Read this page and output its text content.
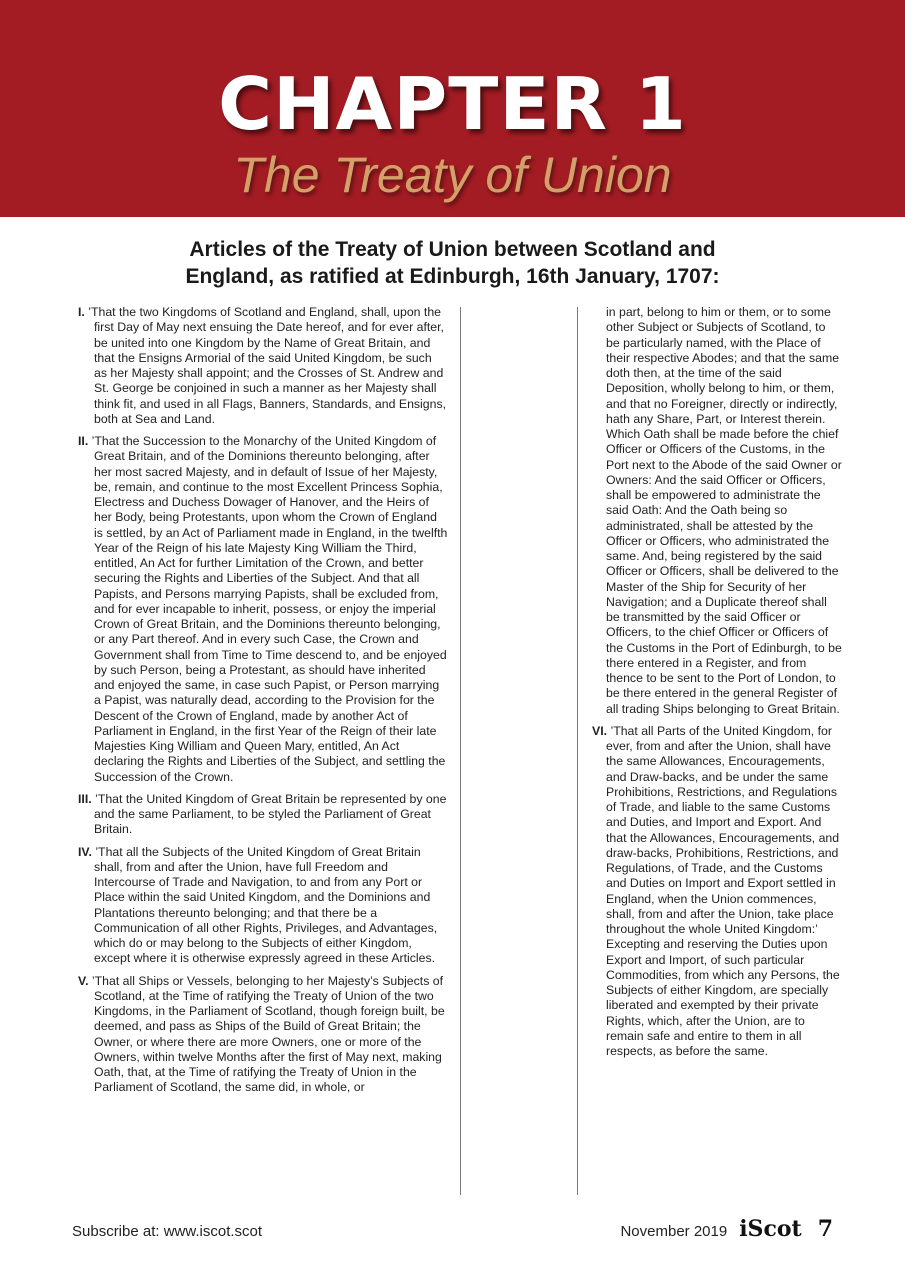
CHAPTER 1
The Treaty of Union
Articles of the Treaty of Union between Scotland and
England, as ratified at Edinburgh, 16th January, 1707:

I. ’That the two Kingdoms of Scotland and England, shall, upon the first Day of May next ensuing the Date hereof, and for ever after, be united into one Kingdom by the Name of Great Britain, and that the Ensigns Armorial of the said United Kingdom, be such as her Majesty shall appoint; and the Crosses of St. Andrew and St. George be conjoined in such a manner as her Majesty shall think fit, and used in all Flags, Banners, Standards, and Ensigns, both at Sea and Land.

II. ’That the Succession to the Monarchy of the United Kingdom of Great Britain, and of the Dominions thereunto belonging, after her most sacred Majesty, and in default of Issue of her Majesty, be, remain, and continue to the most Excellent Princess Sophia, Electress and Duchess Dowager of Hanover, and the Heirs of her Body, being Protestants, upon whom the Crown of England is settled, by an Act of Parliament made in England, in the twelfth Year of the Reign of his late Majesty King William the Third, entitled, An Act for further Limitation of the Crown, and better securing the Rights and Liberties of the Subject. And that all Papists, and Persons marrying Papists, shall be excluded from, and for ever incapable to inherit, possess, or enjoy the imperial Crown of Great Britain, and the Dominions thereunto belonging, or any Part thereof. And in every such Case, the Crown and Government shall from Time to Time descend to, and be enjoyed by such Person, being a Protestant, as should have inherited and enjoyed the same, in case such Papist, or Person marrying a Papist, was naturally dead, according to the Provision for the Descent of the Crown of England, made by another Act of Parliament in England, in the first Year of the Reign of their late Majesties King William and Queen Mary, entitled, An Act declaring the Rights and Liberties of the Subject, and settling the Succession of the Crown.

III. ’That the United Kingdom of Great Britain be represented by one and the same Parliament, to be styled the Parliament of Great Britain.

IV. ’That all the Subjects of the United Kingdom of Great Britain shall, from and after the Union, have full Freedom and Intercourse of Trade and Navigation, to and from any Port or Place within the said United Kingdom, and the Dominions and Plantations thereunto belonging; and that there be a Communication of all other Rights, Privileges, and Advantages, which do or may belong to the Subjects of either Kingdom, except where it is otherwise expressly agreed in these Articles.

V. ’That all Ships or Vessels, belonging to her Majesty’s Subjects of Scotland, at the Time of ratifying the Treaty of Union of the two Kingdoms, in the Parliament of Scotland, though foreign built, be deemed, and pass as Ships of the Build of Great Britain; the Owner, or where there are more Owners, one or more of the Owners, within twelve Months after the first of May next, making Oath, that, at the Time of ratifying the Treaty of Union in the Parliament of Scotland, the same did, in whole, or

in part, belong to him or them, or to some other Subject or Subjects of Scotland, to be particularly named, with the Place of their respective Abodes; and that the same doth then, at the time of the said Deposition, wholly belong to him, or them, and that no Foreigner, directly or indirectly, hath any Share, Part, or Interest therein. Which Oath shall be made before the chief Officer or Officers of the Customs, in the Port next to the Abode of the said Owner or Owners: And the said Officer or Officers, shall be empowered to administrate the said Oath: And the Oath being so administrated, shall be attested by the Officer or Officers, who administrated the same. And, being registered by the said Officer or Officers, shall be delivered to the Master of the Ship for Security of her Navigation; and a Duplicate thereof shall be transmitted by the said Officer or Officers, to the chief Officer or Officers of the Customs in the Port of Edinburgh, to be there entered in a Register, and from thence to be sent to the Port of London, to be there entered in the general Register of all trading Ships belonging to Great Britain.

VI. ’That all Parts of the United Kingdom, for ever, from and after the Union, shall have the same Allowances, Encouragements, and Draw-backs, and be under the same Prohibitions, Restrictions, and Regulations of Trade, and liable to the same Customs and Duties, and Import and Export. And that the Allowances, Encouragements, and draw-backs, Prohibitions, Restrictions, and Regulations, of Trade, and the Customs and Duties on Import and Export settled in England, when the Union commences, shall, from and after the Union, take place throughout the whole United Kingdom:’ Excepting and reserving the Duties upon Export and Import, of such particular Commodities, from which any Persons, the Subjects of either Kingdom, are specially liberated and exempted by their private Rights, which, after the Union, are to remain safe and entire to them in all respects, as before the same.

Subscribe at: www.iscot.scot	November 2019 iScot 7
